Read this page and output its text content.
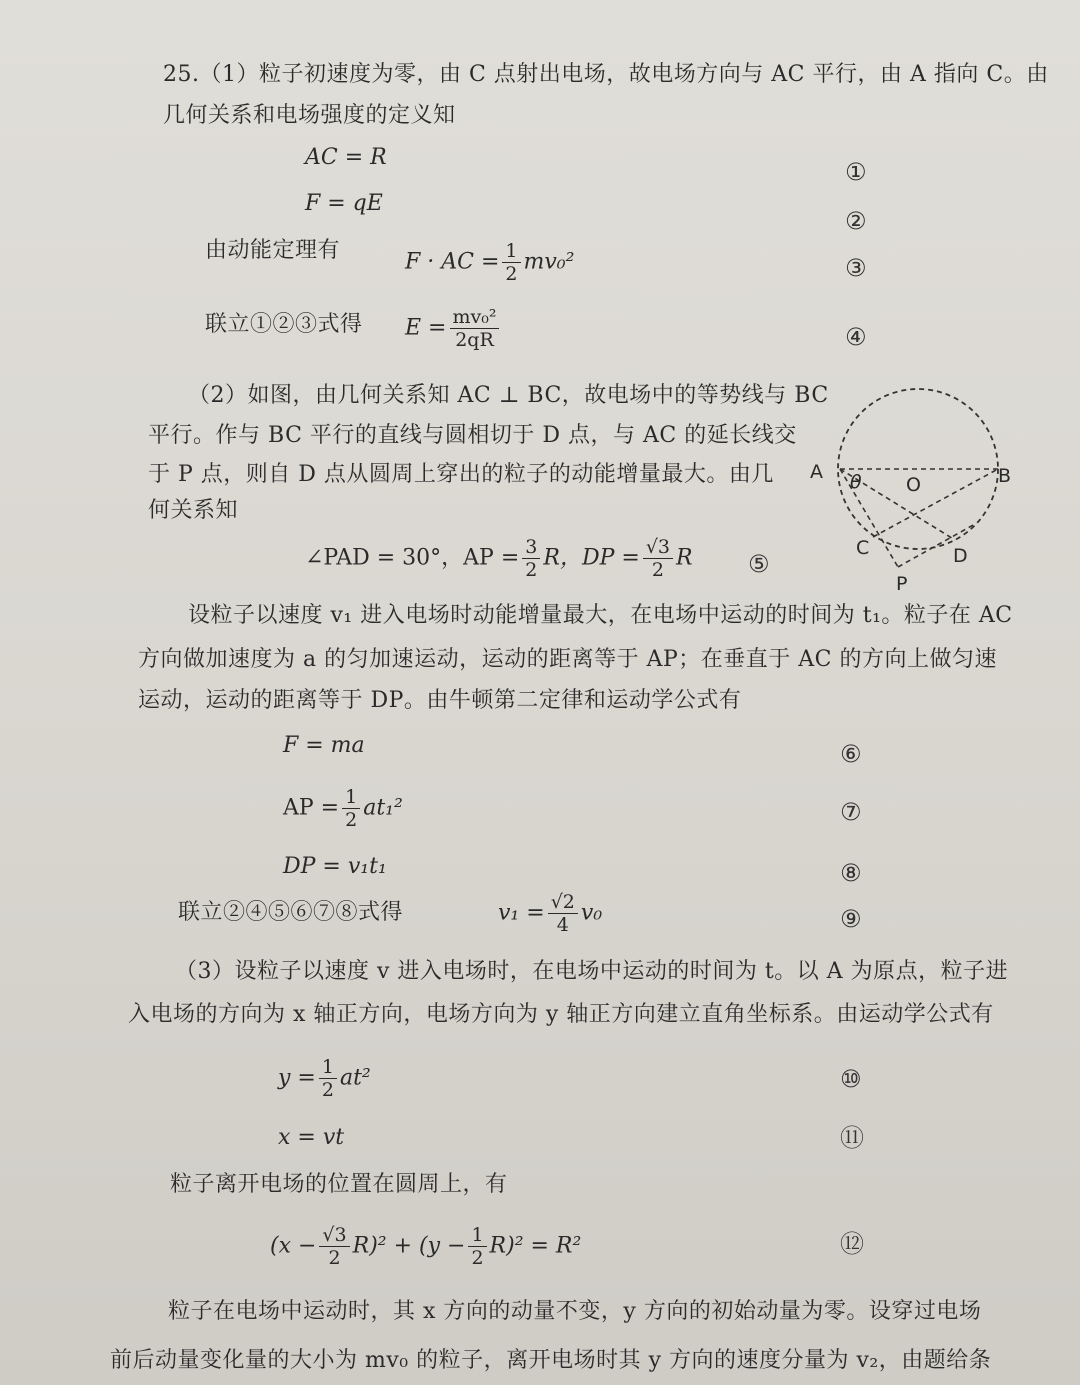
25.（1）粒子初速度为零，由 C 点射出电场，故电场方向与 AC 平行，由 A 指向 C。由
几何关系和电场强度的定义知
AC = R
F = qE
由动能定理有	F · AC = $\frac{1}{2} mv_0^2$
联立①②③式得 $E = \frac{\text{mv₀²}}{2qR}$
（2）如图，由几何关系知 AC ⊥ BC，故电场中的等势线与 BC
平行。作与 BC 平行的直线与圆相切于 D 点，与 AC 的延长线交
于 P 点，则自 D 点从圆周上穿出的粒子的动能增量最大。由几
何关系知
∠PAD = 30°，AP = $\frac{3}{2}$ R，DP = $\frac{√3}{2}$ R
A
O	B
C	D
P
θ
设粒子以速度 v₁ 进入电场时动能增量最大，在电场中运动的时间为 t₁。粒子在 AC
方向做加速度为 a 的匀加速运动，运动的距离等于 AP；在垂直于 AC 的方向上做匀速
运动，运动的距离等于 DP。由牛顿第二定律和运动学公式有
F = ma
AP = $\frac{1}{2} at_1^2$
DP = v₁t₁
联立②④⑤⑥⑦⑧式得	$v_1 = \frac{√2}{4} v_0$
（3）设粒子以速度 v 进入电场时，在电场中运动的时间为 t。以 A 为原点，粒子进
入电场的方向为 x 轴正方向，电场方向为 y 轴正方向建立直角坐标系。由运动学公式有
$y = \frac{1}{2} at^2$
x = vt
粒子离开电场的位置在圆周上，有
$(x - \frac{√3}{2} R)^2 + (y - \frac{1}{2} R)^2 = R^2$
粒子在电场中运动时，其 x 方向的动量不变，y 方向的初始动量为零。设穿过电场
前后动量变化量的大小为 mv₀ 的粒子，离开电场时其 y 方向的速度分量为 v₂，由题给条
①
②
③
④
⑤
⑥
⑦
⑧
⑨
⑩
⑪
⑫
